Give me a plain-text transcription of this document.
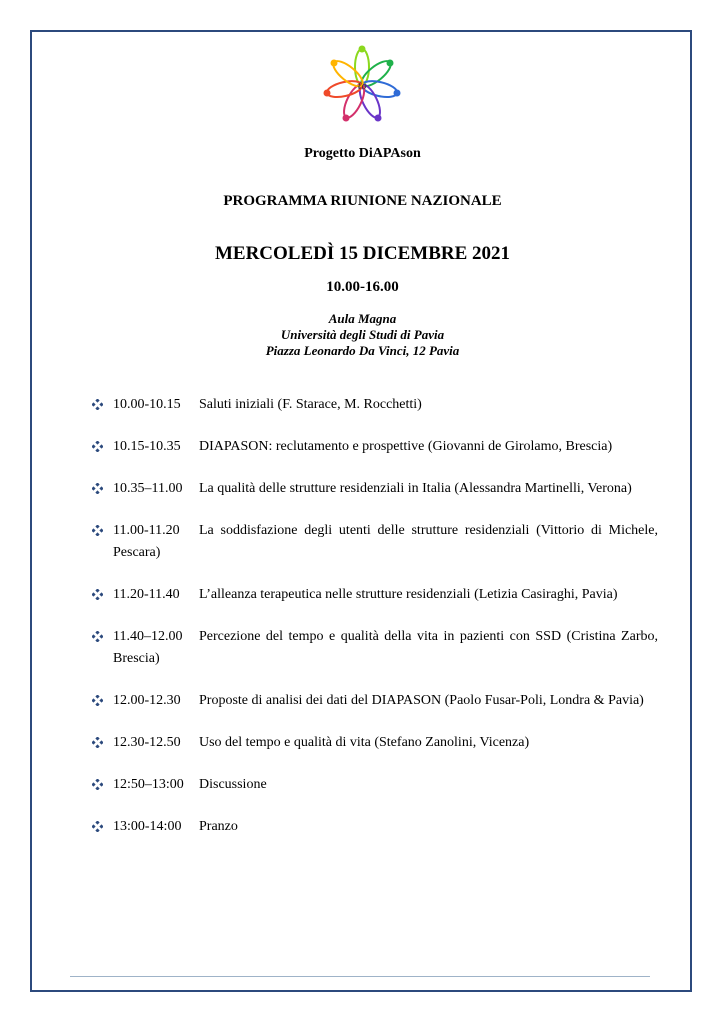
ℓo
Progetto DiAPAson
PROGRAMMA RIUNIONE NAZIONALE
MERCOLEDÌ 15 DICEMBRE 2021
10.00-16.00
Aula Magna
Università degli Studi di Pavia
Piazza Leonardo Da Vinci, 12 Pavia
10.00-10.15 Saluti iniziali (F. Starace, M. Rocchetti)
10.15-10.35 DIAPASON: reclutamento e prospettive (Giovanni de Girolamo, Brescia)
10.35–11.00 La qualità delle strutture residenziali in Italia (Alessandra Martinelli, Verona)
11.00-11.20 La soddisfazione degli utenti delle strutture residenziali (Vittorio di Michele, Pescara)
11.20-11.40 L’alleanza terapeutica nelle strutture residenziali (Letizia Casiraghi, Pavia)
11.40–12.00 Percezione del tempo e qualità della vita in pazienti con SSD (Cristina Zarbo, Brescia)
12.00-12.30 Proposte di analisi dei dati del DIAPASON (Paolo Fusar-Poli, Londra & Pavia)
12.30-12.50 Uso del tempo e qualità di vita (Stefano Zanolini, Vicenza)
12:50–13:00 Discussione
13:00-14:00 Pranzo
